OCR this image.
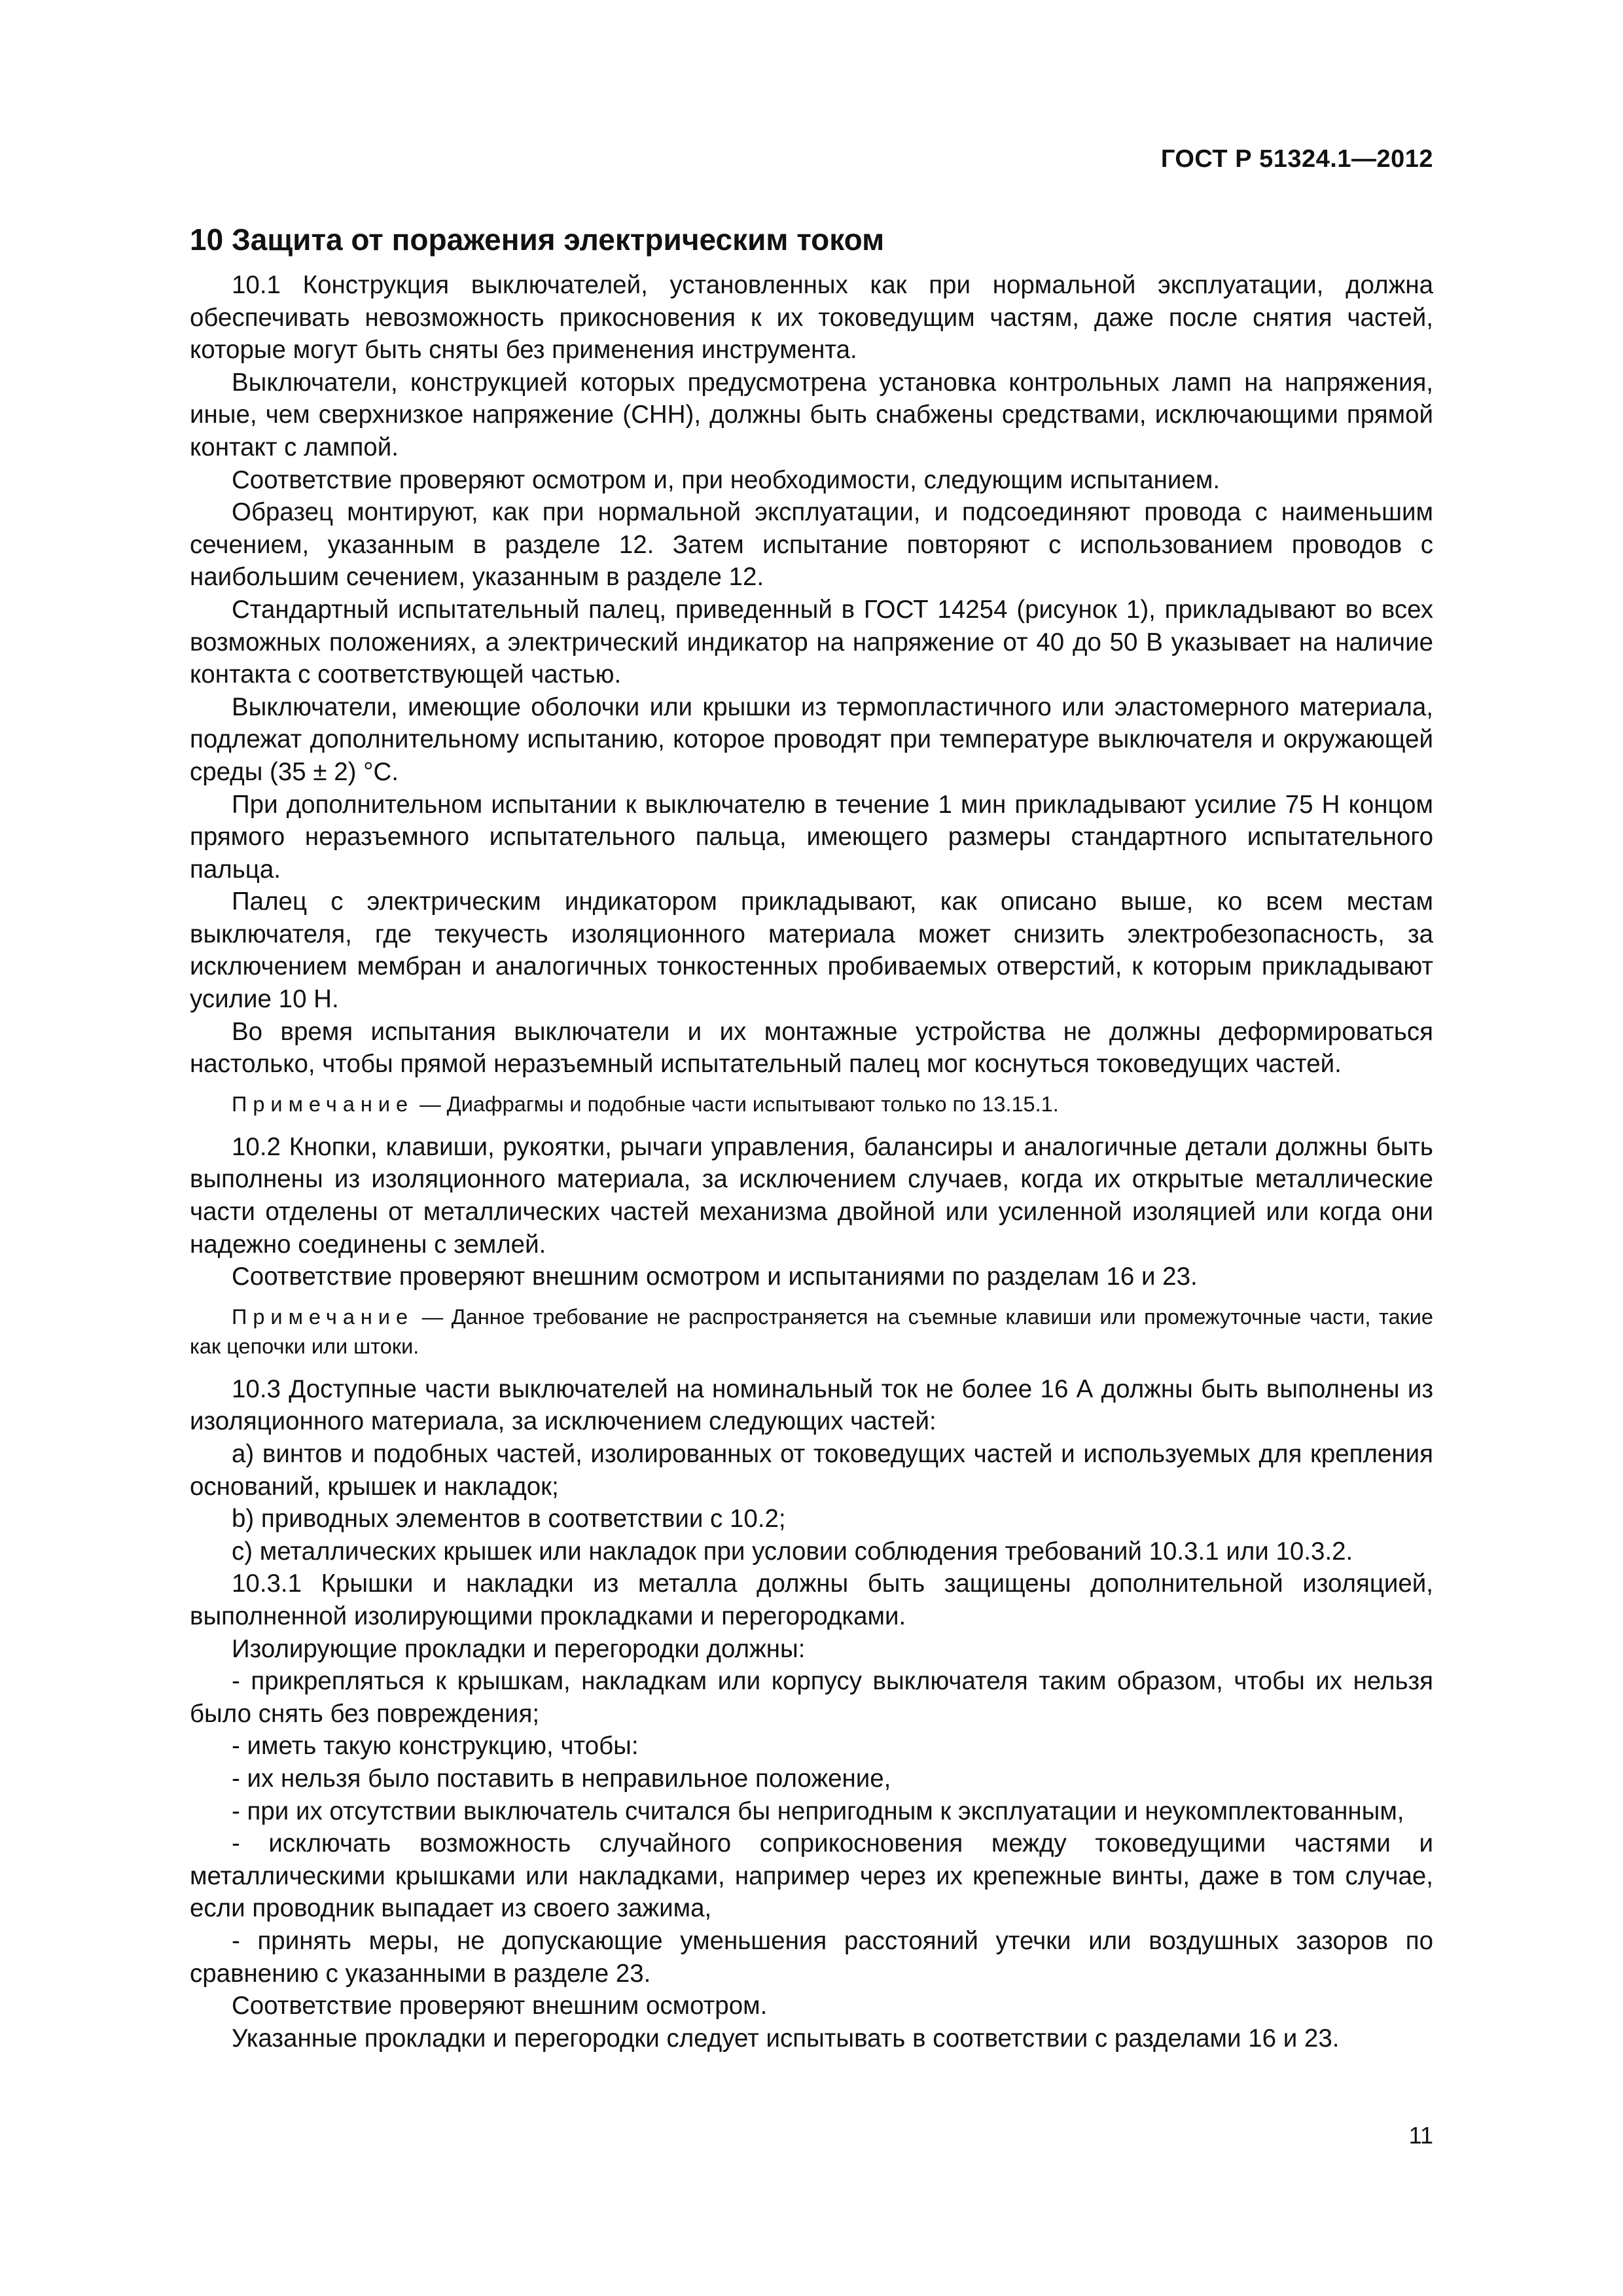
ГОСТ Р 51324.1—2012
10 Защита от поражения электрическим током

10.1 Конструкция выключателей, установленных как при нормальной эксплуатации, должна обеспечивать невозможность прикосновения к их токоведущим частям, даже после снятия частей, которые могут быть сняты без применения инструмента.

Выключатели, конструкцией которых предусмотрена установка контрольных ламп на напряжения, иные, чем сверхнизкое напряжение (СНН), должны быть снабжены средствами, исключающими прямой контакт с лампой.

Соответствие проверяют осмотром и, при необходимости, следующим испытанием.

Образец монтируют, как при нормальной эксплуатации, и подсоединяют провода с наименьшим сечением, указанным в разделе 12. Затем испытание повторяют с использованием проводов с наибольшим сечением, указанным в разделе 12.

Стандартный испытательный палец, приведенный в ГОСТ 14254 (рисунок 1), прикладывают во всех возможных положениях, а электрический индикатор на напряжение от 40 до 50 В указывает на наличие контакта с соответствующей частью.

Выключатели, имеющие оболочки или крышки из термопластичного или эластомерного материала, подлежат дополнительному испытанию, которое проводят при температуре выключателя и окружающей среды (35 ± 2) °С.

При дополнительном испытании к выключателю в течение 1 мин прикладывают усилие 75 Н концом прямого неразъемного испытательного пальца, имеющего размеры стандартного испытательного пальца.

Палец с электрическим индикатором прикладывают, как описано выше, ко всем местам выключателя, где текучесть изоляционного материала может снизить электробезопасность, за исключением мембран и аналогичных тонкостенных пробиваемых отверстий, к которым прикладывают усилие 10 Н.

Во время испытания выключатели и их монтажные устройства не должны деформироваться настолько, чтобы прямой неразъемный испытательный палец мог коснуться токоведущих частей.

Примечание — Диафрагмы и подобные части испытывают только по 13.15.1.

10.2 Кнопки, клавиши, рукоятки, рычаги управления, балансиры и аналогичные детали должны быть выполнены из изоляционного материала, за исключением случаев, когда их открытые металлические части отделены от металлических частей механизма двойной или усиленной изоляцией или когда они надежно соединены с землей.

Соответствие проверяют внешним осмотром и испытаниями по разделам 16 и 23.

Примечание — Данное требование не распространяется на съемные клавиши или промежуточные части, такие как цепочки или штоки.

10.3 Доступные части выключателей на номинальный ток не более 16 А должны быть выполнены из изоляционного материала, за исключением следующих частей:

a) винтов и подобных частей, изолированных от токоведущих частей и используемых для крепления оснований, крышек и накладок;

b) приводных элементов в соответствии с 10.2;

c) металлических крышек или накладок при условии соблюдения требований 10.3.1 или 10.3.2.

10.3.1 Крышки и накладки из металла должны быть защищены дополнительной изоляцией, выполненной изолирующими прокладками и перегородками.

Изолирующие прокладки и перегородки должны:

- прикрепляться к крышкам, накладкам или корпусу выключателя таким образом, чтобы их нельзя было снять без повреждения;

- иметь такую конструкцию, чтобы:

- их нельзя было поставить в неправильное положение,

- при их отсутствии выключатель считался бы непригодным к эксплуатации и неукомплектованным,

- исключать возможность случайного соприкосновения между токоведущими частями и металлическими крышками или накладками, например через их крепежные винты, даже в том случае, если проводник выпадает из своего зажима,

- принять меры, не допускающие уменьшения расстояний утечки или воздушных зазоров по сравнению с указанными в разделе 23.

Соответствие проверяют внешним осмотром.

Указанные прокладки и перегородки следует испытывать в соответствии с разделами 16 и 23.

11
